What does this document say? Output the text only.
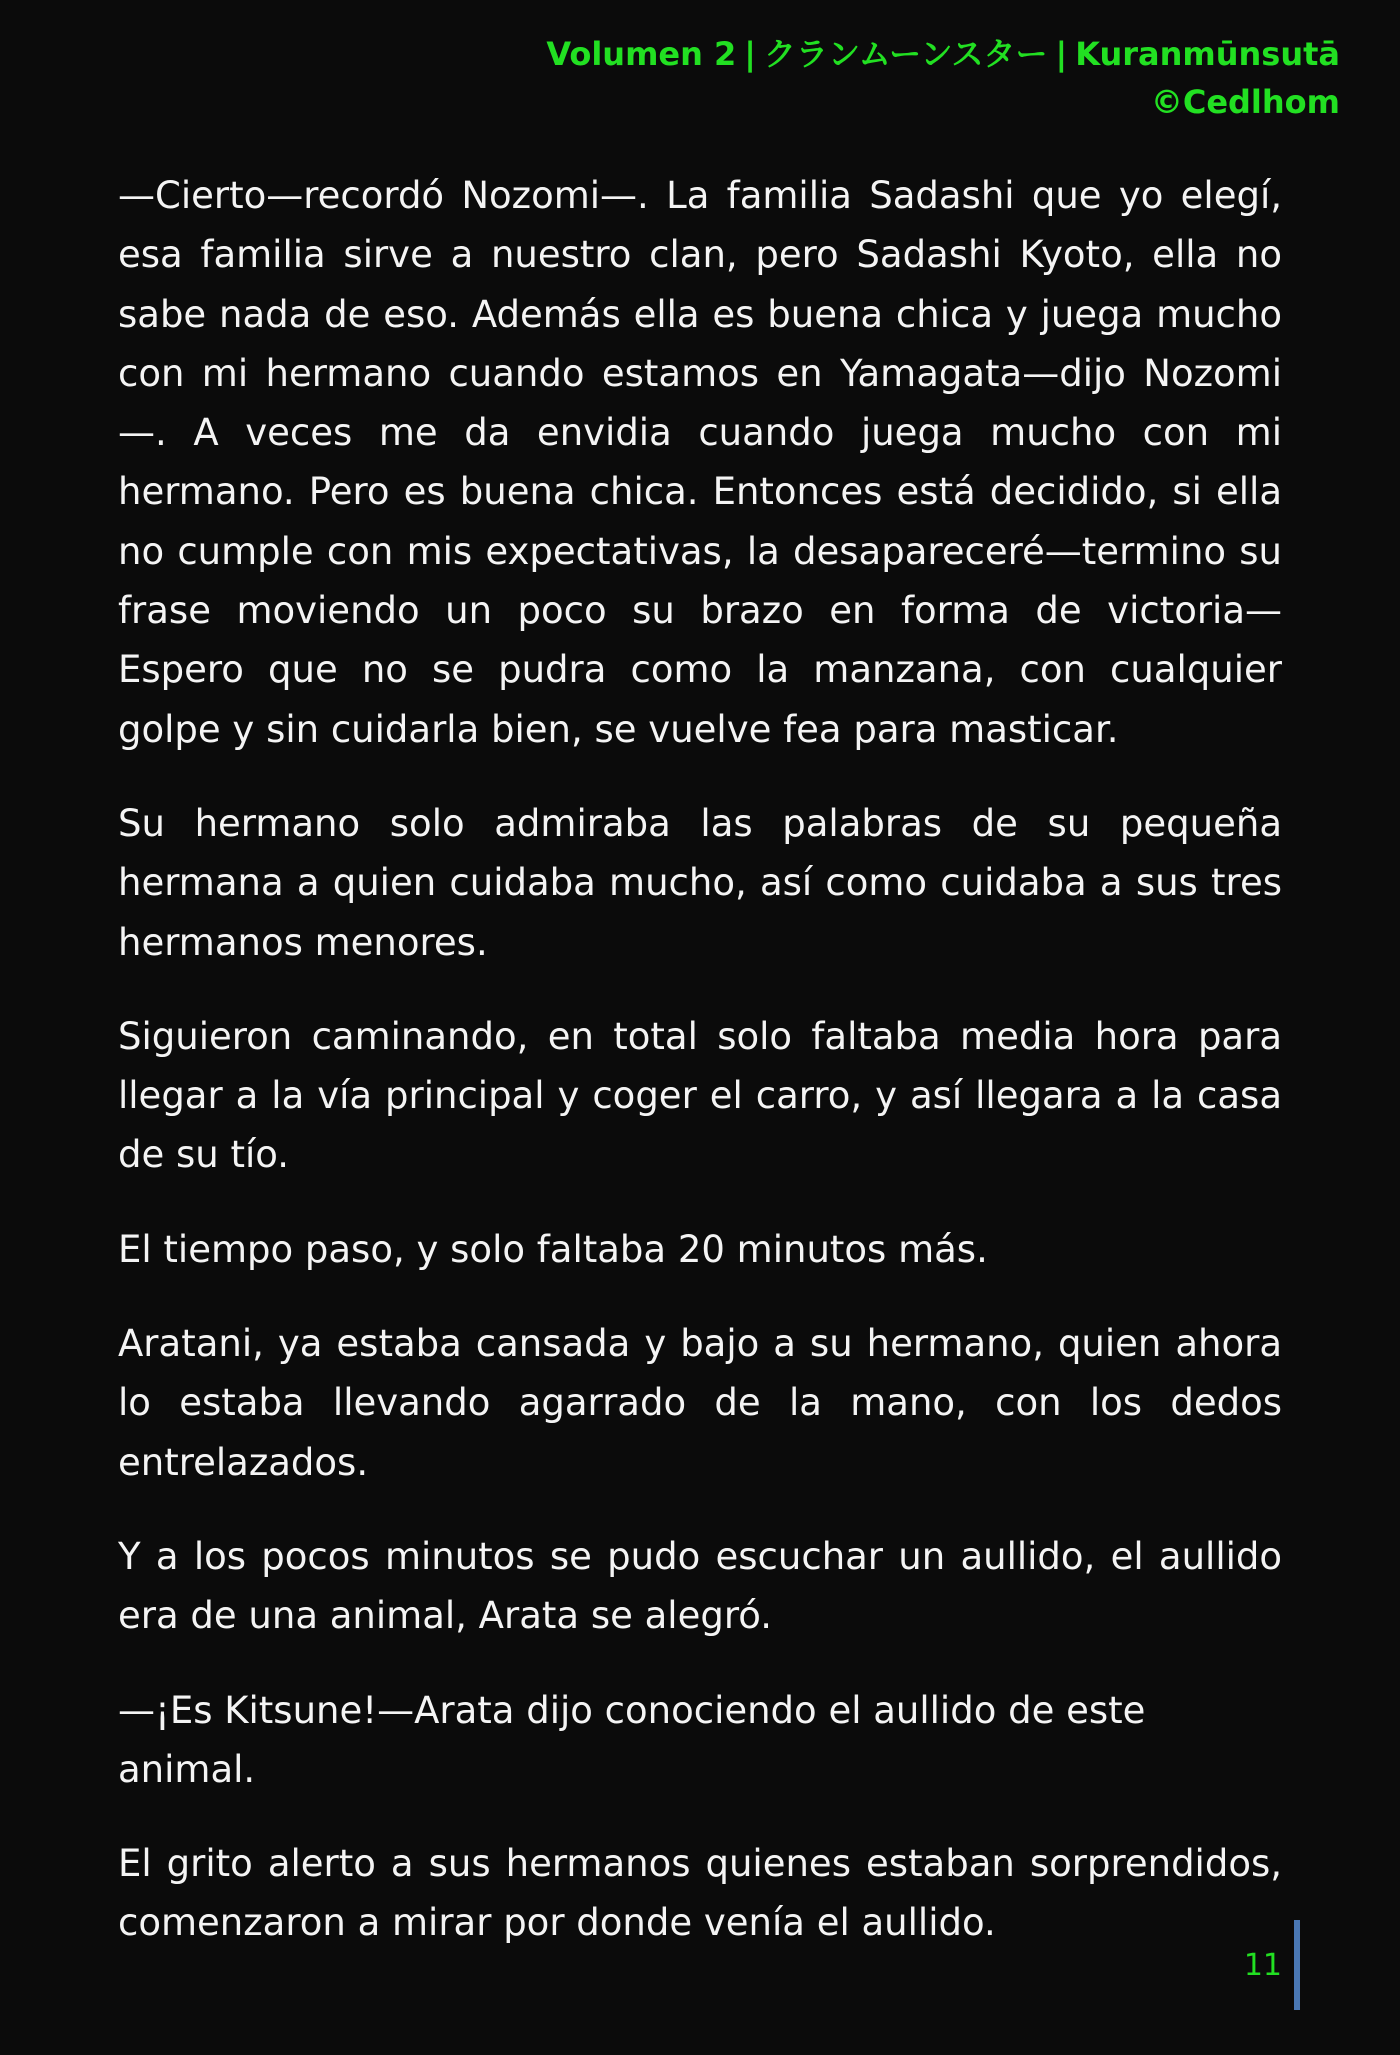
Volumen 2 | クランムーンスター | Kuranmūnsutā
©Cedlhom

—Cierto—recordó Nozomi—. La familia Sadashi que yo elegí, esa familia sirve a nuestro clan, pero Sadashi Kyoto, ella no sabe nada de eso. Además ella es buena chica y juega mucho con mi hermano cuando estamos en Yamagata—dijo Nozomi—. A veces me da envidia cuando juega mucho con mi hermano. Pero es buena chica. Entonces está decidido, si ella no cumple con mis expectativas, la desapareceré—termino su frase moviendo un poco su brazo en forma de victoria—Espero que no se pudra como la manzana, con cualquier golpe y sin cuidarla bien, se vuelve fea para masticar.

Su hermano solo admiraba las palabras de su pequeña hermana a quien cuidaba mucho, así como cuidaba a sus tres hermanos menores.

Siguieron caminando, en total solo faltaba media hora para llegar a la vía principal y coger el carro, y así llegara a la casa de su tío.

El tiempo paso, y solo faltaba 20 minutos más.

Aratani, ya estaba cansada y bajo a su hermano, quien ahora lo estaba llevando agarrado de la mano, con los dedos entrelazados.

Y a los pocos minutos se pudo escuchar un aullido, el aullido era de una animal, Arata se alegró.

—¡Es Kitsune!—Arata dijo conociendo el aullido de este animal.

El grito alerto a sus hermanos quienes estaban sorprendidos, comenzaron a mirar por donde venía el aullido.

11
